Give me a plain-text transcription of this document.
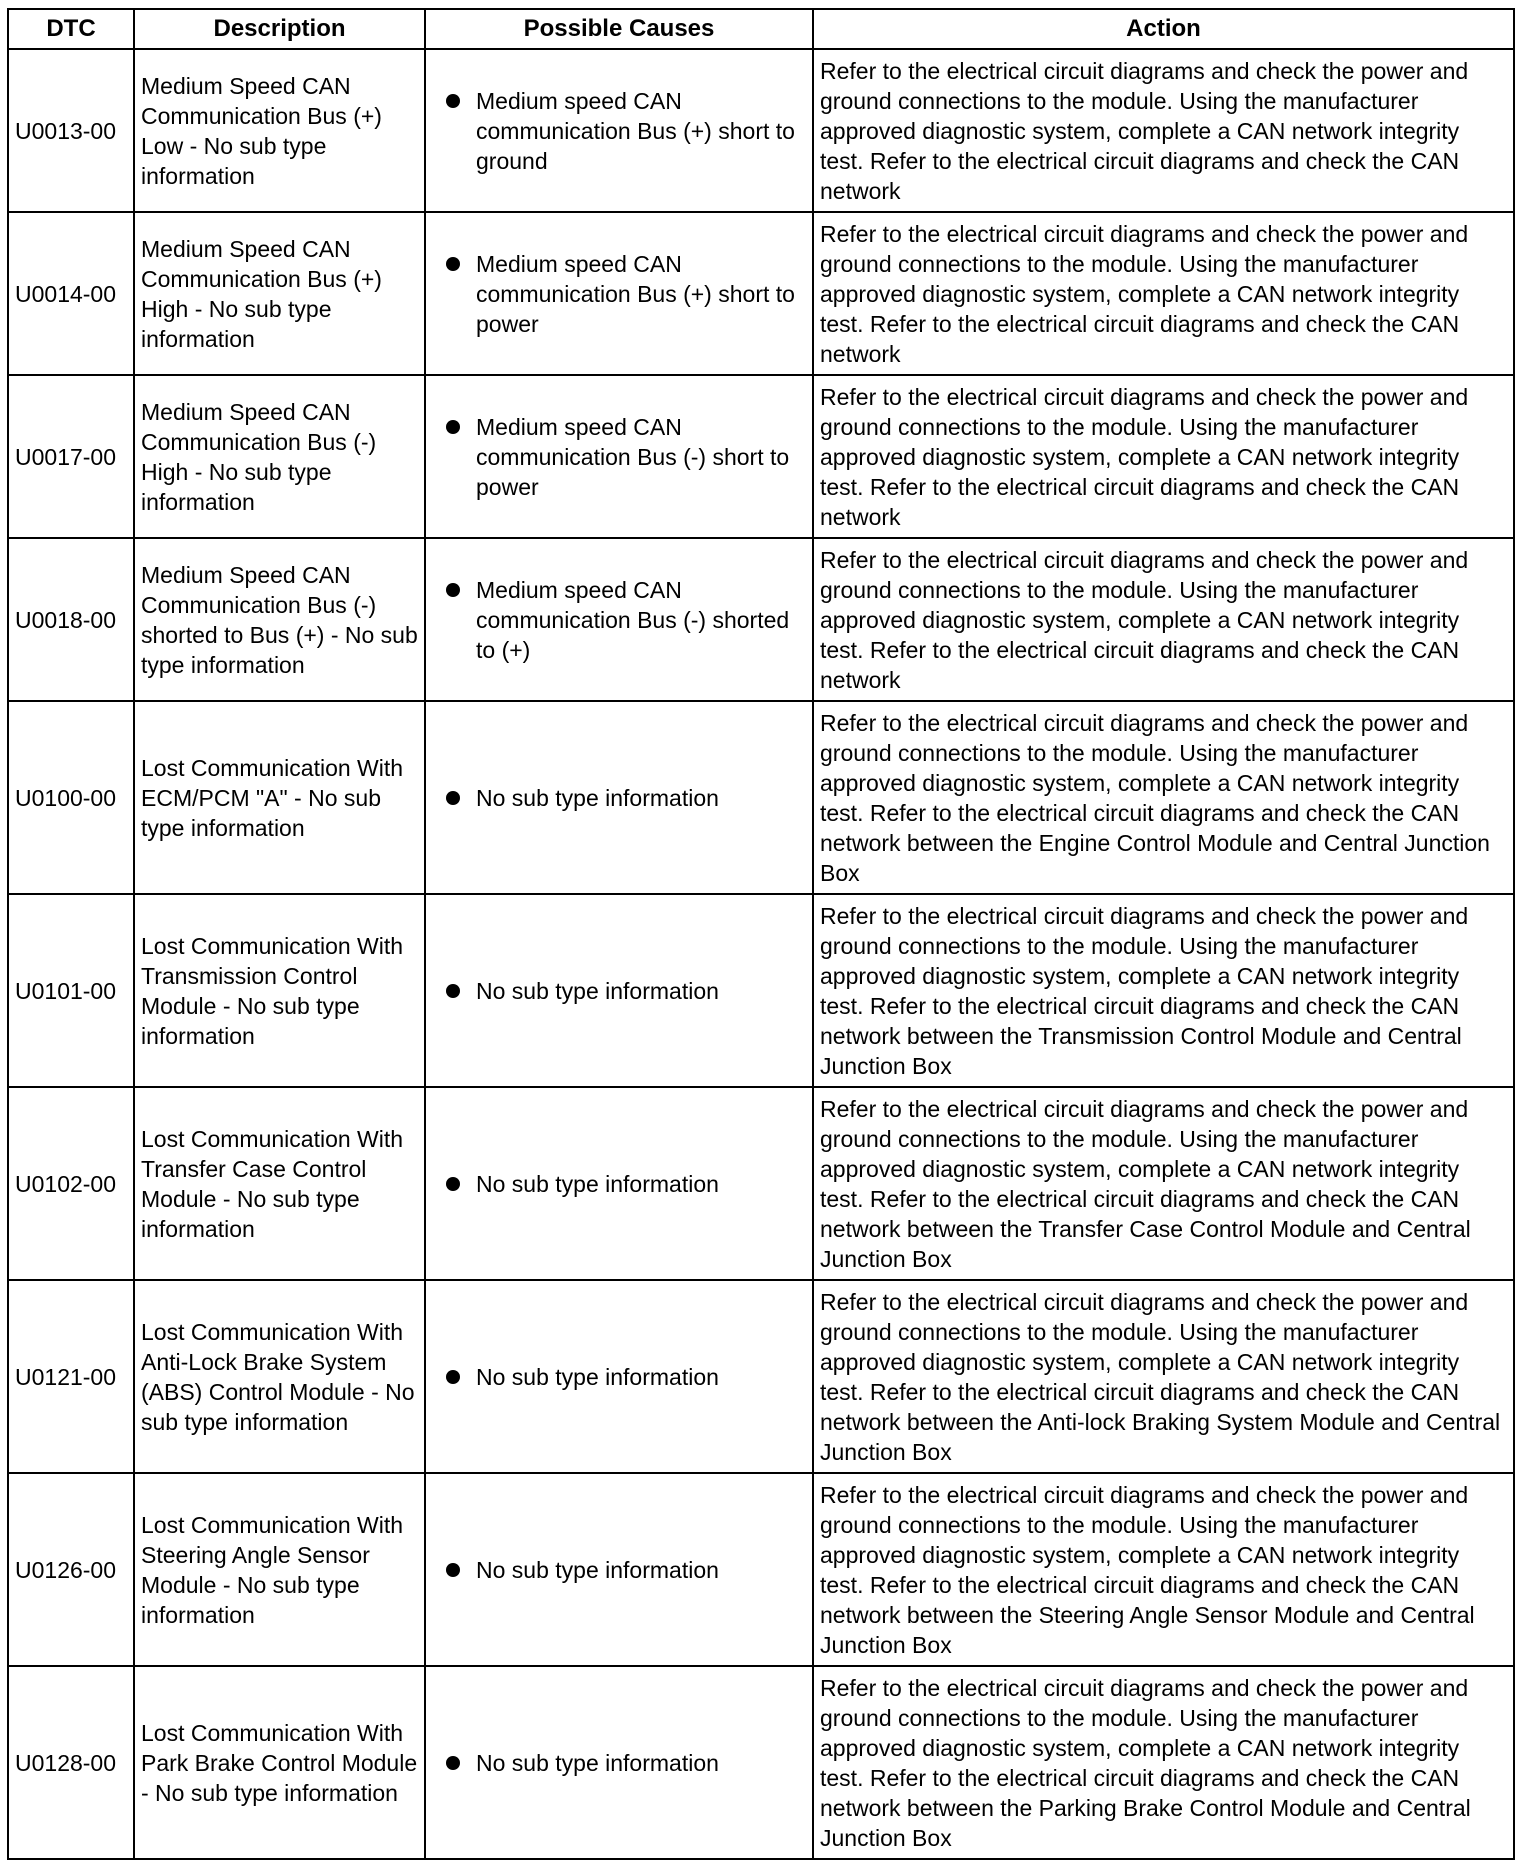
DTC	Description	Possible Causes	Action
U0013-00	Medium Speed CAN Communication Bus (+) Low - No sub type information	Medium speed CAN communication Bus (+) short to ground	Refer to the electrical circuit diagrams and check the power and ground connections to the module. Using the manufacturer approved diagnostic system, complete a CAN network integrity test. Refer to the electrical circuit diagrams and check the CAN network
U0014-00	Medium Speed CAN Communication Bus (+) High - No sub type information	Medium speed CAN communication Bus (+) short to power	Refer to the electrical circuit diagrams and check the power and ground connections to the module. Using the manufacturer approved diagnostic system, complete a CAN network integrity test. Refer to the electrical circuit diagrams and check the CAN network
U0017-00	Medium Speed CAN Communication Bus (-) High - No sub type information	Medium speed CAN communication Bus (-) short to power	Refer to the electrical circuit diagrams and check the power and ground connections to the module. Using the manufacturer approved diagnostic system, complete a CAN network integrity test. Refer to the electrical circuit diagrams and check the CAN network
U0018-00	Medium Speed CAN Communication Bus (-) shorted to Bus (+) - No sub type information	Medium speed CAN communication Bus (-) shorted to (+)	Refer to the electrical circuit diagrams and check the power and ground connections to the module. Using the manufacturer approved diagnostic system, complete a CAN network integrity test. Refer to the electrical circuit diagrams and check the CAN network
U0100-00	Lost Communication With ECM/PCM "A" - No sub type information	No sub type information	Refer to the electrical circuit diagrams and check the power and ground connections to the module. Using the manufacturer approved diagnostic system, complete a CAN network integrity test. Refer to the electrical circuit diagrams and check the CAN network between the Engine Control Module and Central Junction Box
U0101-00	Lost Communication With Transmission Control Module - No sub type information	No sub type information	Refer to the electrical circuit diagrams and check the power and ground connections to the module. Using the manufacturer approved diagnostic system, complete a CAN network integrity test. Refer to the electrical circuit diagrams and check the CAN network between the Transmission Control Module and Central Junction Box
U0102-00	Lost Communication With Transfer Case Control Module - No sub type information	No sub type information	Refer to the electrical circuit diagrams and check the power and ground connections to the module. Using the manufacturer approved diagnostic system, complete a CAN network integrity test. Refer to the electrical circuit diagrams and check the CAN network between the Transfer Case Control Module and Central Junction Box
U0121-00	Lost Communication With Anti-Lock Brake System (ABS) Control Module - No sub type information	No sub type information	Refer to the electrical circuit diagrams and check the power and ground connections to the module. Using the manufacturer approved diagnostic system, complete a CAN network integrity test. Refer to the electrical circuit diagrams and check the CAN network between the Anti-lock Braking System Module and Central Junction Box
U0126-00	Lost Communication With Steering Angle Sensor Module - No sub type information	No sub type information	Refer to the electrical circuit diagrams and check the power and ground connections to the module. Using the manufacturer approved diagnostic system, complete a CAN network integrity test. Refer to the electrical circuit diagrams and check the CAN network between the Steering Angle Sensor Module and Central Junction Box
U0128-00	Lost Communication With Park Brake Control Module - No sub type information	No sub type information	Refer to the electrical circuit diagrams and check the power and ground connections to the module. Using the manufacturer approved diagnostic system, complete a CAN network integrity test. Refer to the electrical circuit diagrams and check the CAN network between the Parking Brake Control Module and Central Junction Box
